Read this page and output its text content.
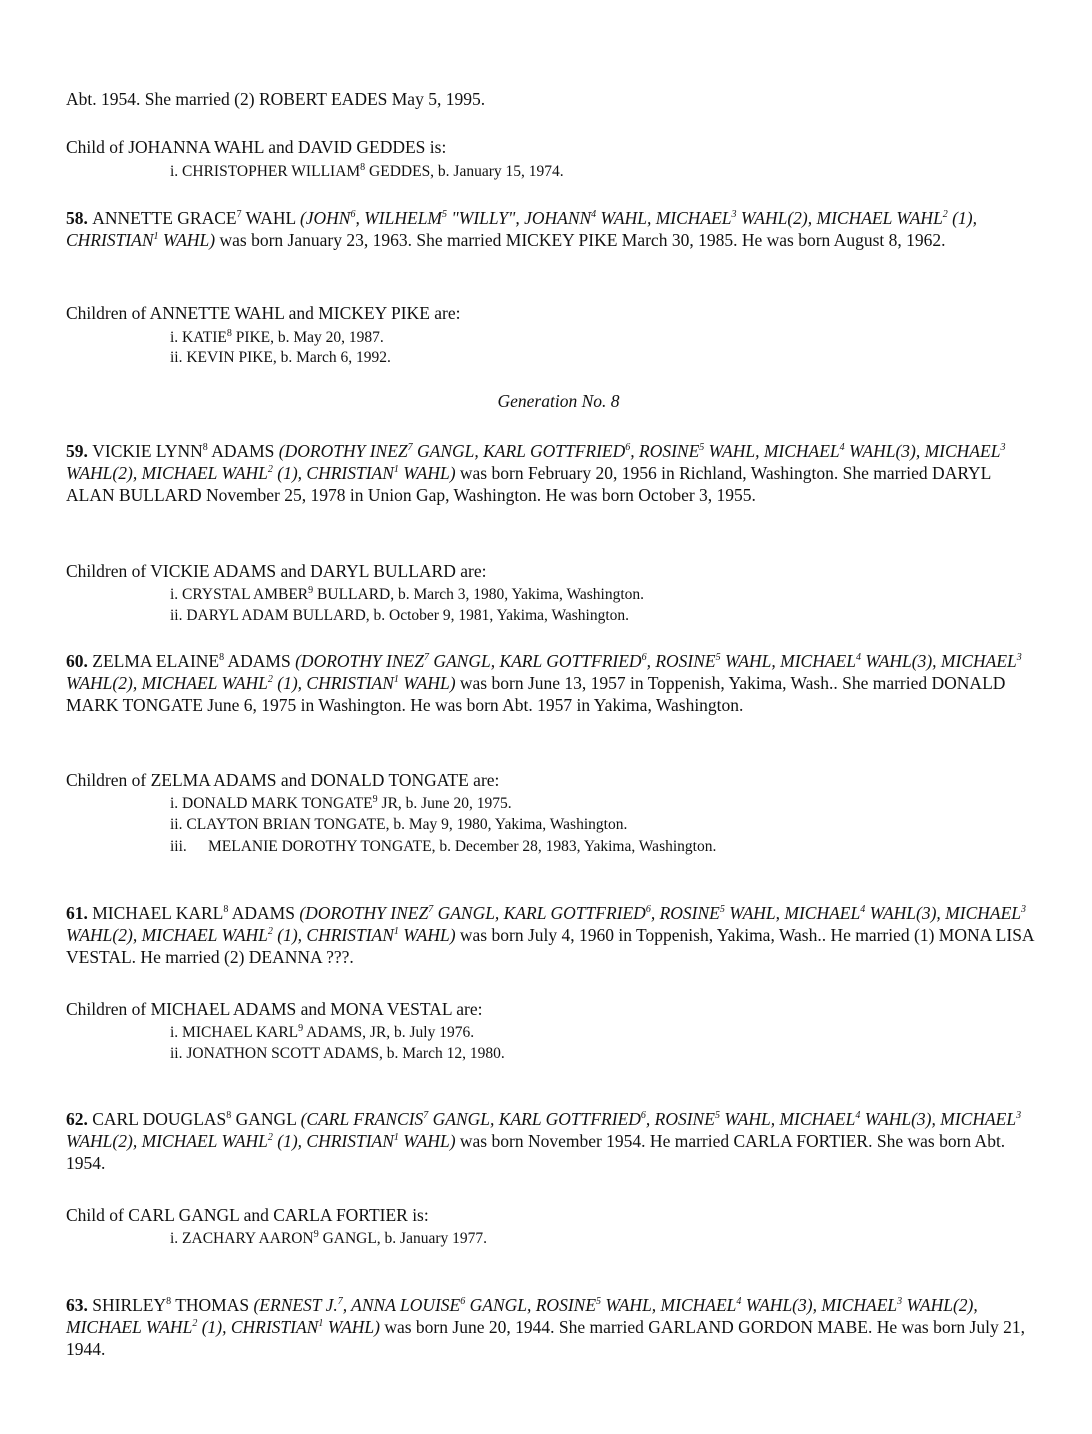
Abt. 1954. She married (2) ROBERT EADES May 5, 1995.

Child of JOHANNA WAHL and DAVID GEDDES is:

i. CHRISTOPHER WILLIAM$^8$ GEDDES, b. January 15, 1974.

58. ANNETTE GRACE$^7$ WAHL (JOHN$^6$, WILHELM$^5$ "WILLY", JOHANN$^4$ WAHL, MICHAEL$^3$ WAHL(2), MICHAEL WAHL$^2$ (1), CHRISTIAN$^1$ WAHL) was born January 23, 1963. She married MICKEY PIKE March 30, 1985. He was born August 8, 1962.

Children of ANNETTE WAHL and MICKEY PIKE are:

i. KATIE$^8$ PIKE, b. May 20, 1987.
ii. KEVIN PIKE, b. March 6, 1992.
Generation No. 8

59. VICKIE LYNN$^8$ ADAMS (DOROTHY INEZ$^7$ GANGL, KARL GOTTFRIED$^6$, ROSINE$^5$ WAHL, MICHAEL$^4$ WAHL(3), MICHAEL$^3$ WAHL(2), MICHAEL WAHL$^2$ (1), CHRISTIAN$^1$ WAHL) was born February 20, 1956 in Richland, Washington. She married DARYL ALAN BULLARD November 25, 1978 in Union Gap, Washington. He was born October 3, 1955.

Children of VICKIE ADAMS and DARYL BULLARD are:

i. CRYSTAL AMBER$^9$ BULLARD, b. March 3, 1980, Yakima, Washington.
ii. DARYL ADAM BULLARD, b. October 9, 1981, Yakima, Washington.

60. ZELMA ELAINE$^8$ ADAMS (DOROTHY INEZ$^7$ GANGL, KARL GOTTFRIED$^6$, ROSINE$^5$ WAHL, MICHAEL$^4$ WAHL(3), MICHAEL$^3$ WAHL(2), MICHAEL WAHL$^2$ (1), CHRISTIAN$^1$ WAHL) was born June 13, 1957 in Toppenish, Yakima, Wash.. She married DONALD MARK TONGATE June 6, 1975 in Washington. He was born Abt. 1957 in Yakima, Washington.

Children of ZELMA ADAMS and DONALD TONGATE are:

i. DONALD MARK TONGATE$^9$ JR, b. June 20, 1975.
ii. CLAYTON BRIAN TONGATE, b. May 9, 1980, Yakima, Washington.
iii. MELANIE DOROTHY TONGATE, b. December 28, 1983, Yakima, Washington.

61. MICHAEL KARL$^8$ ADAMS (DOROTHY INEZ$^7$ GANGL, KARL GOTTFRIED$^6$, ROSINE$^5$ WAHL, MICHAEL$^4$ WAHL(3), MICHAEL$^3$ WAHL(2), MICHAEL WAHL$^2$ (1), CHRISTIAN$^1$ WAHL) was born July 4, 1960 in Toppenish, Yakima, Wash.. He married (1) MONA LISA VESTAL. He married (2) DEANNA ???.

Children of MICHAEL ADAMS and MONA VESTAL are:

i. MICHAEL KARL$^9$ ADAMS, JR, b. July 1976.
ii. JONATHON SCOTT ADAMS, b. March 12, 1980.

62. CARL DOUGLAS$^8$ GANGL (CARL FRANCIS$^7$ GANGL, KARL GOTTFRIED$^6$, ROSINE$^5$ WAHL, MICHAEL$^4$ WAHL(3), MICHAEL$^3$ WAHL(2), MICHAEL WAHL$^2$ (1), CHRISTIAN$^1$ WAHL) was born November 1954. He married CARLA FORTIER. She was born Abt. 1954.

Child of CARL GANGL and CARLA FORTIER is:

i. ZACHARY AARON$^9$ GANGL, b. January 1977.

63. SHIRLEY$^8$ THOMAS (ERNEST J.$^7$, ANNA LOUISE$^6$ GANGL, ROSINE$^5$ WAHL, MICHAEL$^4$ WAHL(3), MICHAEL$^3$ WAHL(2), MICHAEL WAHL$^2$ (1), CHRISTIAN$^1$ WAHL) was born June 20, 1944. She married GARLAND GORDON MABE. He was born July 21, 1944.
